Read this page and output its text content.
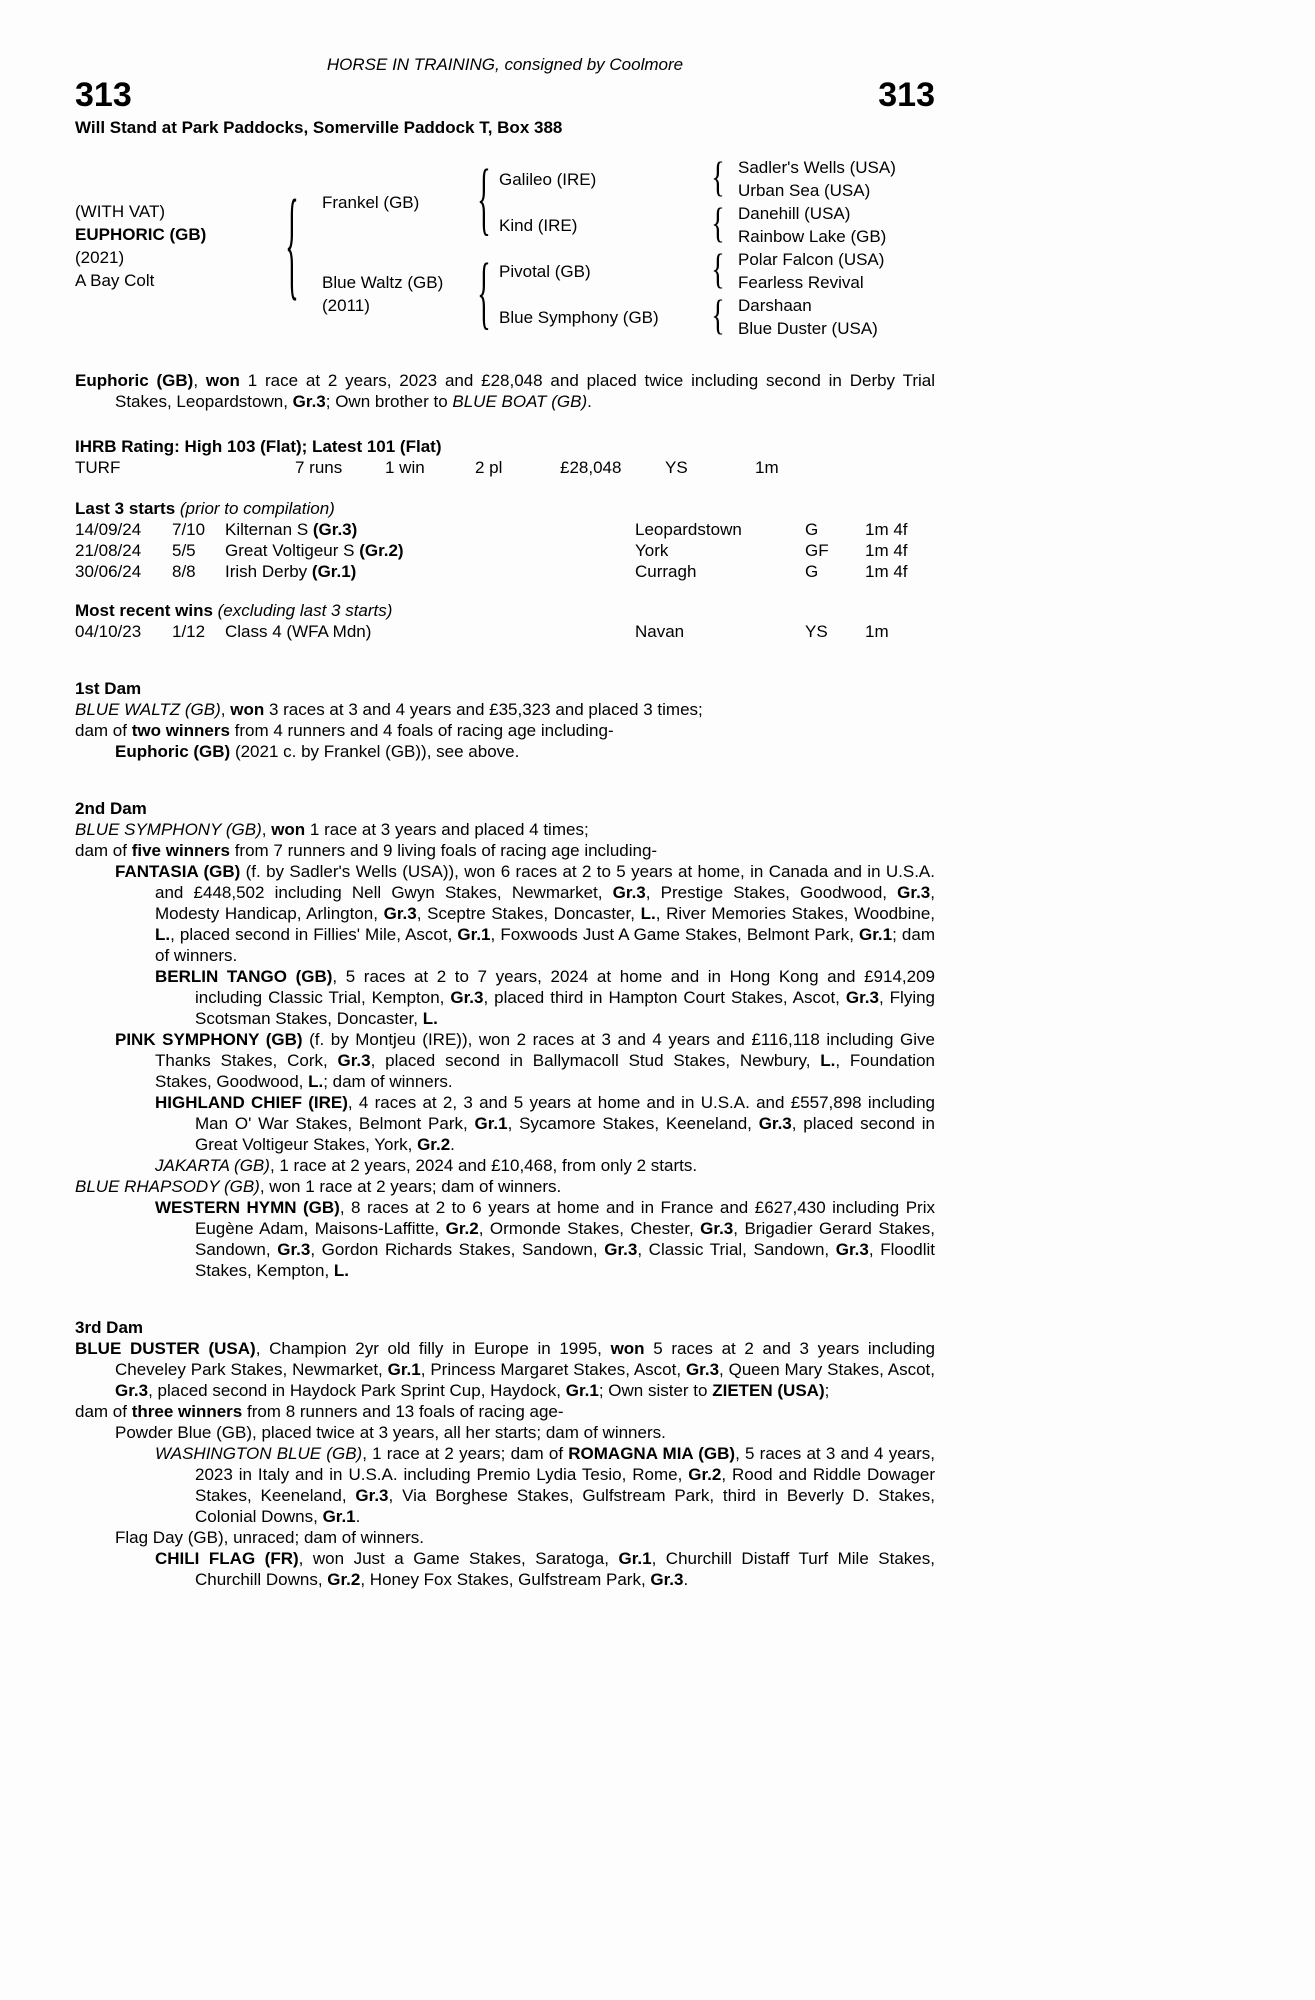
HORSE IN TRAINING, consigned by Coolmore
313	313
Will Stand at Park Paddocks, Somerville Paddock T, Box 388
(WITH VAT)
EUPHORIC (GB)
(2021)
A Bay Colt
{
{
{
{
{
{
{
Frankel (GB)
Blue Waltz (GB)
(2011)
Galileo (IRE)
Kind (IRE)
Pivotal (GB)
Blue Symphony (GB)
Sadler's Wells (USA)
Urban Sea (USA)
Danehill (USA)
Rainbow Lake (GB)
Polar Falcon (USA)
Fearless Revival
Darshaan
Blue Duster (USA)
Euphoric (GB), won 1 race at 2 years, 2023 and £28,048 and placed twice including second in Derby Trial Stakes, Leopardstown, Gr.3; Own brother to BLUE BOAT (GB).
IHRB Rating: High 103 (Flat); Latest 101 (Flat)
TURF	7 runs	1 win	2 pl	£28,048	YS	1m
Last 3 starts (prior to compilation)
14/09/24	7/10	Kilternan S (Gr.3)	Leopardstown	G	1m 4f
21/08/24	5/5	Great Voltigeur S (Gr.2)	York	GF	1m 4f
30/06/24	8/8	Irish Derby (Gr.1)	Curragh	G	1m 4f
Most recent wins (excluding last 3 starts)
04/10/23	1/12	Class 4 (WFA Mdn)	Navan	YS	1m
1st Dam
BLUE WALTZ (GB), won 3 races at 3 and 4 years and £35,323 and placed 3 times;
dam of two winners from 4 runners and 4 foals of racing age including-
Euphoric (GB) (2021 c. by Frankel (GB)), see above.
2nd Dam
BLUE SYMPHONY (GB), won 1 race at 3 years and placed 4 times;
dam of five winners from 7 runners and 9 living foals of racing age including-
FANTASIA (GB) (f. by Sadler's Wells (USA)), won 6 races at 2 to 5 years at home, in Canada and in U.S.A. and £448,502 including Nell Gwyn Stakes, Newmarket, Gr.3, Prestige Stakes, Goodwood, Gr.3, Modesty Handicap, Arlington, Gr.3, Sceptre Stakes, Doncaster, L., River Memories Stakes, Woodbine, L., placed second in Fillies' Mile, Ascot, Gr.1, Foxwoods Just A Game Stakes, Belmont Park, Gr.1; dam of winners.
BERLIN TANGO (GB), 5 races at 2 to 7 years, 2024 at home and in Hong Kong and £914,209 including Classic Trial, Kempton, Gr.3, placed third in Hampton Court Stakes, Ascot, Gr.3, Flying Scotsman Stakes, Doncaster, L.
PINK SYMPHONY (GB) (f. by Montjeu (IRE)), won 2 races at 3 and 4 years and £116,118 including Give Thanks Stakes, Cork, Gr.3, placed second in Ballymacoll Stud Stakes, Newbury, L., Foundation Stakes, Goodwood, L.; dam of winners.
HIGHLAND CHIEF (IRE), 4 races at 2, 3 and 5 years at home and in U.S.A. and £557,898 including Man O' War Stakes, Belmont Park, Gr.1, Sycamore Stakes, Keeneland, Gr.3, placed second in Great Voltigeur Stakes, York, Gr.2.
JAKARTA (GB), 1 race at 2 years, 2024 and £10,468, from only 2 starts.
BLUE RHAPSODY (GB), won 1 race at 2 years; dam of winners.
WESTERN HYMN (GB), 8 races at 2 to 6 years at home and in France and £627,430 including Prix Eugène Adam, Maisons-Laffitte, Gr.2, Ormonde Stakes, Chester, Gr.3, Brigadier Gerard Stakes, Sandown, Gr.3, Gordon Richards Stakes, Sandown, Gr.3, Classic Trial, Sandown, Gr.3, Floodlit Stakes, Kempton, L.
3rd Dam
BLUE DUSTER (USA), Champion 2yr old filly in Europe in 1995, won 5 races at 2 and 3 years including Cheveley Park Stakes, Newmarket, Gr.1, Princess Margaret Stakes, Ascot, Gr.3, Queen Mary Stakes, Ascot, Gr.3, placed second in Haydock Park Sprint Cup, Haydock, Gr.1; Own sister to ZIETEN (USA);
dam of three winners from 8 runners and 13 foals of racing age-
Powder Blue (GB), placed twice at 3 years, all her starts; dam of winners.
WASHINGTON BLUE (GB), 1 race at 2 years; dam of ROMAGNA MIA (GB), 5 races at 3 and 4 years, 2023 in Italy and in U.S.A. including Premio Lydia Tesio, Rome, Gr.2, Rood and Riddle Dowager Stakes, Keeneland, Gr.3, Via Borghese Stakes, Gulfstream Park, third in Beverly D. Stakes, Colonial Downs, Gr.1.
Flag Day (GB), unraced; dam of winners.
CHILI FLAG (FR), won Just a Game Stakes, Saratoga, Gr.1, Churchill Distaff Turf Mile Stakes, Churchill Downs, Gr.2, Honey Fox Stakes, Gulfstream Park, Gr.3.
